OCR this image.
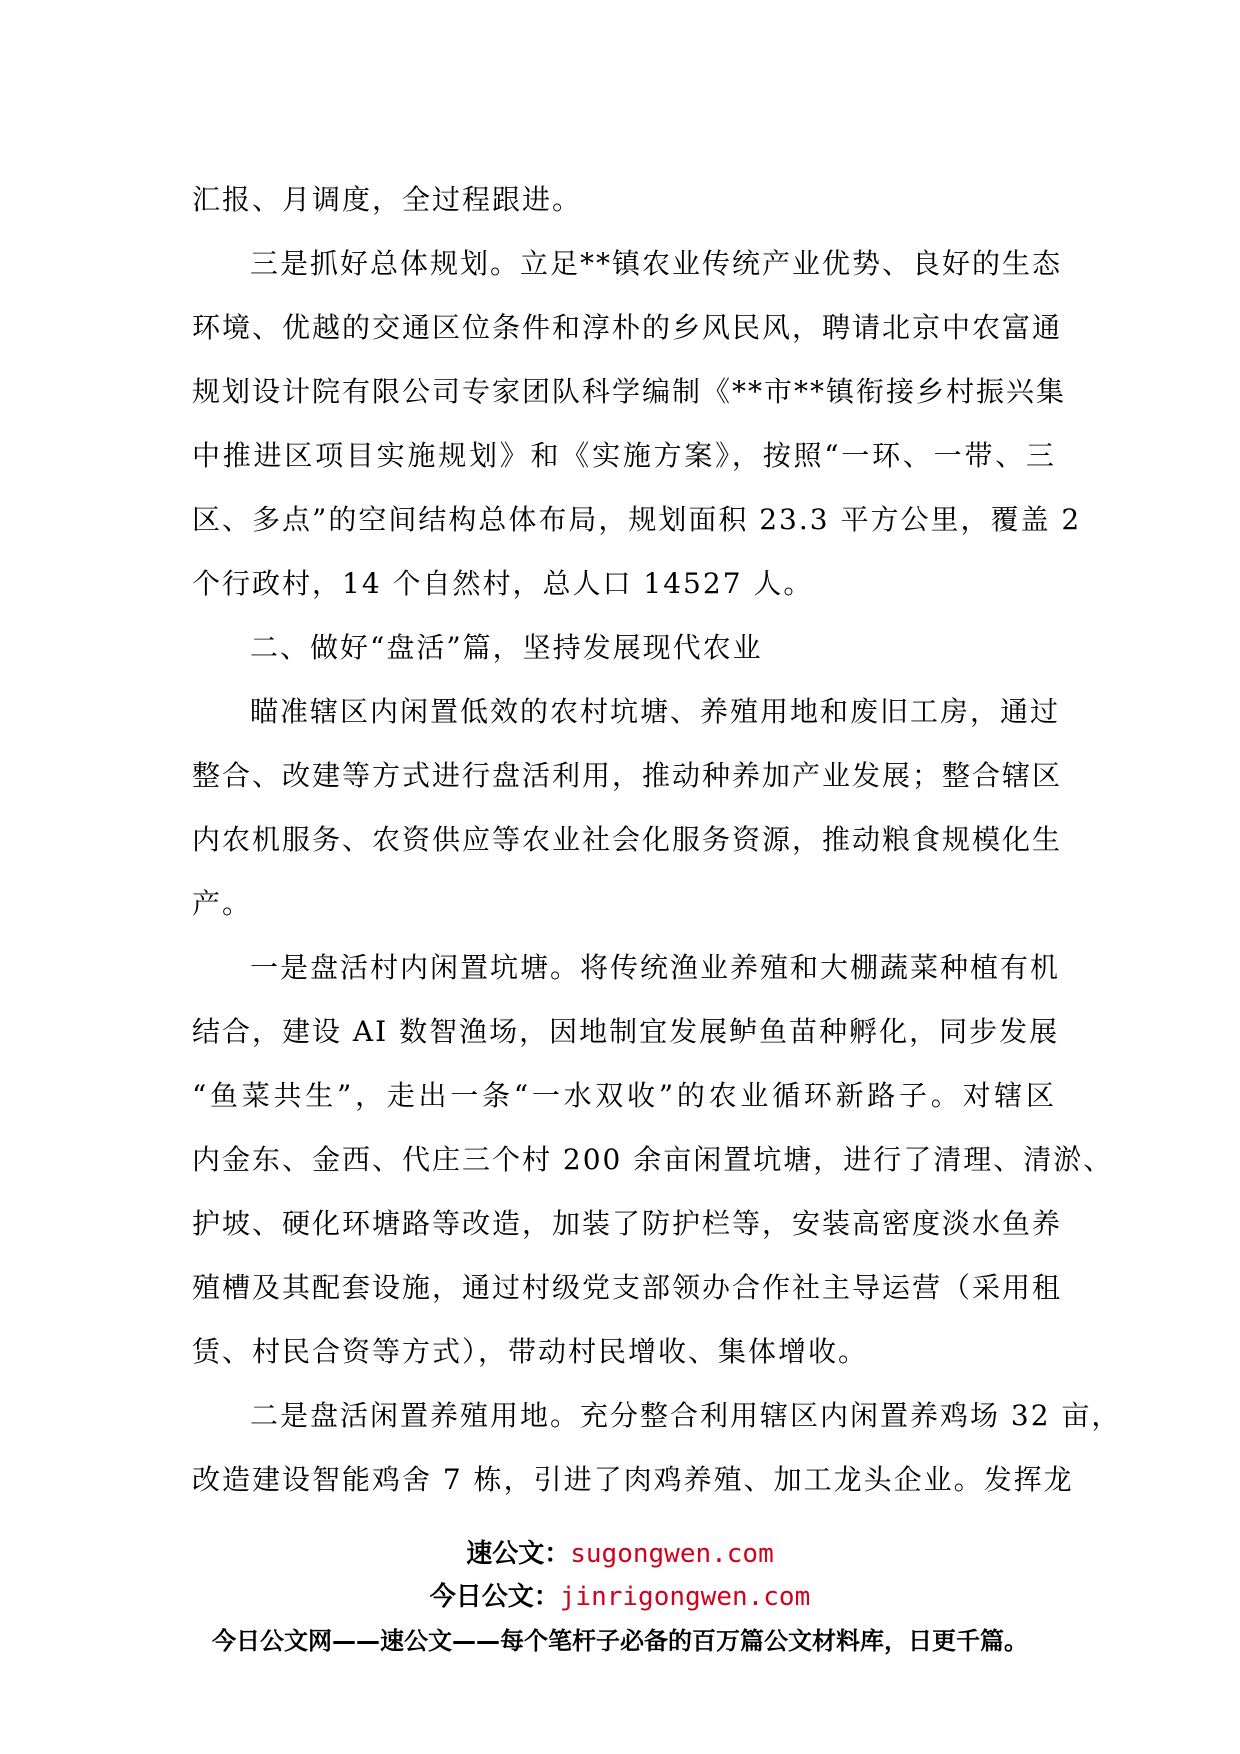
汇报、月调度，全过程跟进。
三是抓好总体规划。立足**镇农业传统产业优势、良好的生态
环境、优越的交通区位条件和淳朴的乡风民风，聘请北京中农富通
规划设计院有限公司专家团队科学编制《**市**镇衔接乡村振兴集
中推进区项目实施规划》和《实施方案》，按照“一环、一带、三
区、多点”的空间结构总体布局，规划面积 23.3 平方公里，覆盖 2
个行政村，14 个自然村，总人口 14527 人。
二、做好“盘活”篇，坚持发展现代农业
瞄准辖区内闲置低效的农村坑塘、养殖用地和废旧工房，通过
整合、改建等方式进行盘活利用，推动种养加产业发展；整合辖区
内农机服务、农资供应等农业社会化服务资源，推动粮食规模化生
产。
一是盘活村内闲置坑塘。将传统渔业养殖和大棚蔬菜种植有机
结合，建设 AI 数智渔场，因地制宜发展鲈鱼苗种孵化，同步发展
“鱼菜共生”，走出一条“一水双收”的农业循环新路子。对辖区
内金东、金西、代庄三个村 200 余亩闲置坑塘，进行了清理、清淤、
护坡、硬化环塘路等改造，加装了防护栏等，安装高密度淡水鱼养
殖槽及其配套设施，通过村级党支部领办合作社主导运营（采用租
赁、村民合资等方式），带动村民增收、集体增收。
二是盘活闲置养殖用地。充分整合利用辖区内闲置养鸡场 32 亩，
改造建设智能鸡舍 7 栋，引进了肉鸡养殖、加工龙头企业。发挥龙
速公文：sugongwen.com
今日公文：jinrigongwen.com
今日公文网——速公文——每个笔杆子必备的百万篇公文材料库，日更千篇。
